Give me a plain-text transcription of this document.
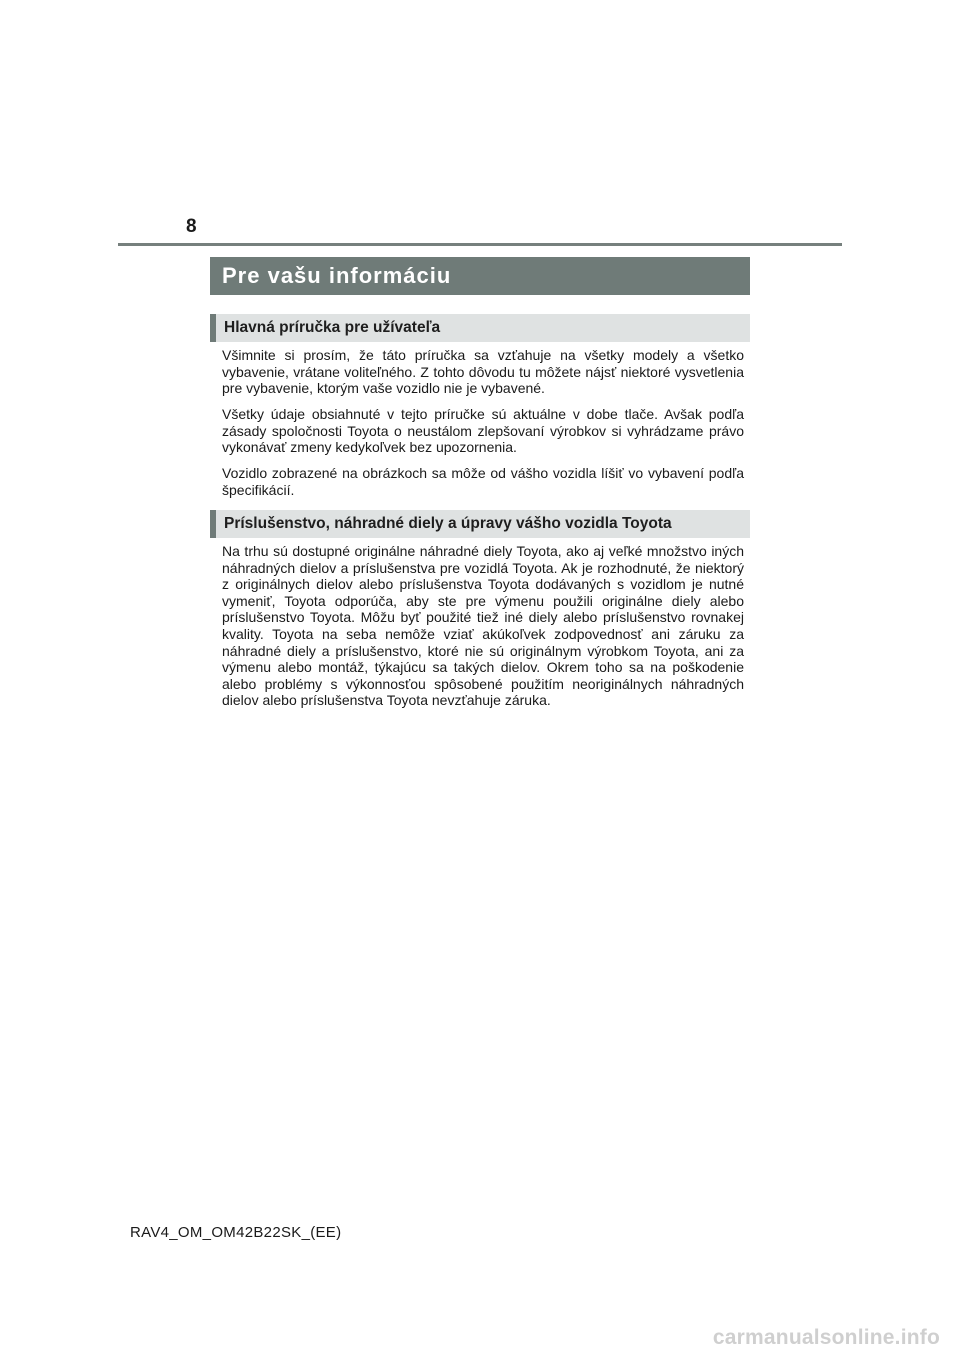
8
Pre vašu informáciu
Hlavná príručka pre užívateľa

Všimnite si prosím, že táto príručka sa vzťahuje na všetky modely a všetko vybavenie, vrátane voliteľného. Z tohto dôvodu tu môžete nájsť niektoré vysvetlenia pre vybavenie, ktorým vaše vozidlo nie je vybavené.

Všetky údaje obsiahnuté v tejto príručke sú aktuálne v dobe tlače. Avšak podľa zásady spoločnosti Toyota o neustálom zlepšovaní výrobkov si vyhrádzame právo vykonávať zmeny kedykoľvek bez upozornenia.

Vozidlo zobrazené na obrázkoch sa môže od vášho vozidla líšiť vo vybavení podľa špecifikácií.

Príslušenstvo, náhradné diely a úpravy vášho vozidla Toyota

Na trhu sú dostupné originálne náhradné diely Toyota, ako aj veľké množstvo iných náhradných dielov a príslušenstva pre vozidlá Toyota. Ak je rozhodnuté, že niektorý z originálnych dielov alebo príslušenstva Toyota dodávaných s vozidlom je nutné vymeniť, Toyota odporúča, aby ste pre výmenu použili originálne diely alebo príslušenstvo Toyota. Môžu byť použité tiež iné diely alebo príslušenstvo rovnakej kvality. Toyota na seba nemôže vziať akúkoľvek zodpovednosť ani záruku za náhradné diely a príslušenstvo, ktoré nie sú originálnym výrobkom Toyota, ani za výmenu alebo montáž, týkajúcu sa takých dielov. Okrem toho sa na poškodenie alebo problémy s výkonnosťou spôsobené použitím neoriginálnych náhradných dielov alebo príslušenstva Toyota nevzťahuje záruka.

RAV4_OM_OM42B22SK_(EE)
carmanualsonline.info
